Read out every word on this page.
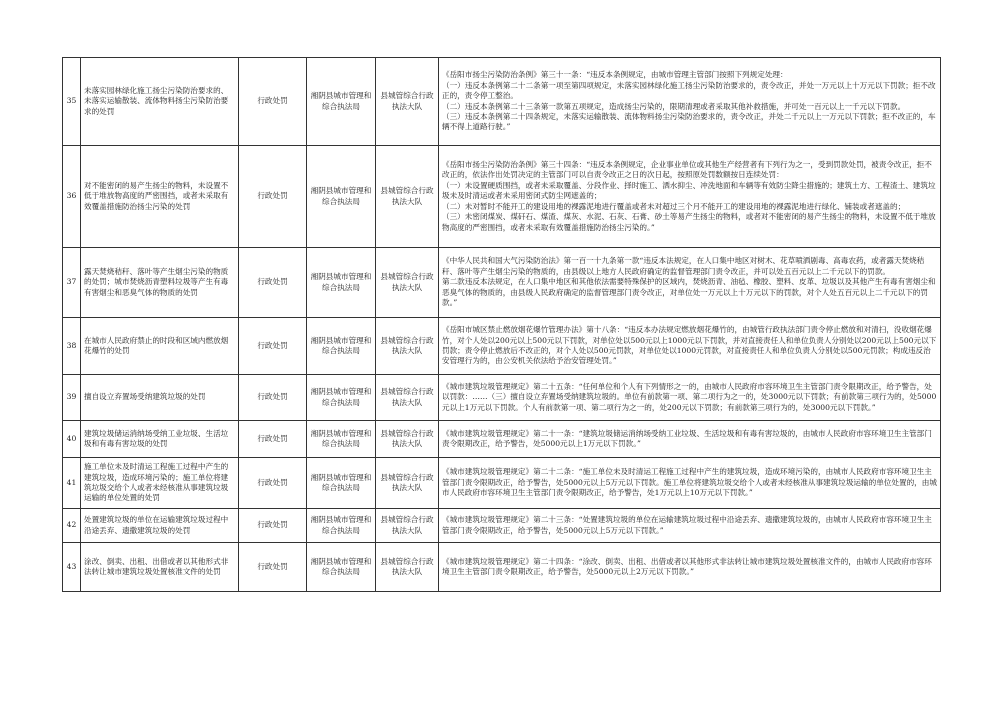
35	未落实园林绿化施工扬尘污染防治要求的、未落实运输散装、流体物料扬尘污染防治要求的处罚	行政处罚	湘阴县城市管理和综合执法局	县城管综合行政执法大队	《岳阳市扬尘污染防治条例》第三十一条：“违反本条例规定，由城市管理主管部门按照下列规定处理：
（一）违反本条例第二十二条第一项至第四项规定，未落实园林绿化施工扬尘污染防治要求的，责令改正，并处一万元以上十万元以下罚款；拒不改正的，责令停工整治。
（二）违反本条例第二十三条第一款第五项规定，造成扬尘污染的，限期清理或者采取其他补救措施，并可处一百元以上一千元以下罚款。
（三）违反本条例第二十四条规定，未落实运输散装、流体物料扬尘污染防治要求的，责令改正，并处二千元以上一万元以下罚款；拒不改正的，车辆不得上道路行驶。”

36	对不能密闭的易产生扬尘的物料，未设置不低于堆放物高度的严密围挡，或者未采取有效覆盖措施防治扬尘污染的处罚	行政处罚	湘阴县城市管理和综合执法局	县城管综合行政执法大队	《岳阳市扬尘污染防治条例》第三十四条：“违反本条例规定，企业事业单位或其他生产经营者有下列行为之一，受到罚款处罚，被责令改正，拒不改正的，依法作出处罚决定的主管部门可以自责令改正之日的次日起，按照原处罚数额按日连续处罚：
（一）未设置硬质围挡，或者未采取覆盖、分段作业、择时施工、洒水抑尘、冲洗地面和车辆等有效防尘降尘措施的；建筑土方、工程渣土、建筑垃圾未及时清运或者未采用密闭式防尘网遮盖的；
（二）未对暂时不能开工的建设用地的裸露泥地进行覆盖或者未对超过三个月不能开工的建设用地的裸露泥地进行绿化、铺装或者遮盖的；
（三）未密闭煤炭、煤矸石、煤渣、煤灰、水泥、石灰、石膏、砂土等易产生扬尘的物料，或者对不能密闭的易产生扬尘的物料，未设置不低于堆放物高度的严密围挡，或者未采取有效覆盖措施防治扬尘污染的。”

37	露天焚烧秸秆、落叶等产生烟尘污染的物质的处罚；城市焚烧沥青塑料垃圾等产生有毒有害烟尘和恶臭气体的物质的处罚	行政处罚	湘阴县城市管理和综合执法局	县城管综合行政执法大队	《中华人民共和国大气污染防治法》第一百一十九条第一款“违反本法规定，在人口集中地区对树木、花草喷洒剧毒、高毒农药，或者露天焚烧秸秆、落叶等产生烟尘污染的物质的，由县级以上地方人民政府确定的监督管理部门责令改正，并可以处五百元以上二千元以下的罚款。
第二款违反本法规定，在人口集中地区和其他依法需要特殊保护的区域内，焚烧沥青、油毡、橡胶、塑料、皮革、垃圾以及其他产生有毒有害烟尘和恶臭气体的物质的，由县级人民政府确定的监督管理部门责令改正，对单位处一万元以上十万元以下的罚款，对个人处五百元以上二千元以下的罚款。”

38	在城市人民政府禁止的时段和区域内燃放烟花爆竹的处罚	行政处罚	湘阴县城市管理和综合执法局	县城管综合行政执法大队	《岳阳市城区禁止燃放烟花爆竹管理办法》第十八条：“违反本办法规定燃放烟花爆竹的，由城管行政执法部门责令停止燃放和对清扫，没收烟花爆竹，对个人处以200元以上500元以下罚款，对单位处以500元以上1000元以下罚款，并对直接责任人和单位负责人分别处以200元以上500元以下罚款；责令停止燃放后不改正的，对个人处以500元罚款，对单位处以1000元罚款，对直接责任人和单位负责人分别处以500元罚款；构成违反治安管理行为的，由公安机关依法给予治安管理处罚。”

39	擅自设立弃置场受纳建筑垃圾的处罚	行政处罚	湘阴县城市管理和综合执法局	县城管综合行政执法大队	《城市建筑垃圾管理规定》第二十五条：“任何单位和个人有下列情形之一的，由城市人民政府市容环境卫生主管部门责令限期改正，给予警告，处以罚款：……（三）擅自设立弃置场受纳建筑垃圾的。单位有前款第一项、第二项行为之一的，处3000元以下罚款；有前款第三项行为的，处5000元以上1万元以下罚款。个人有前款第一项、第二项行为之一的，处200元以下罚款；有前款第三项行为的，处3000元以下罚款。”

40	建筑垃圾储运消纳场受纳工业垃圾、生活垃圾和有毒有害垃圾的处罚	行政处罚	湘阴县城市管理和综合执法局	县城管综合行政执法大队	《城市建筑垃圾管理规定》第二十一条：“建筑垃圾储运消纳场受纳工业垃圾、生活垃圾和有毒有害垃圾的，由城市人民政府市容环境卫生主管部门责令限期改正，给予警告，处5000元以上1万元以下罚款。”

41	施工单位未及时清运工程施工过程中产生的建筑垃圾，造成环境污染的；施工单位将建筑垃圾交给个人或者未经核准从事建筑垃圾运输的单位处置的处罚	行政处罚	湘阴县城市管理和综合执法局	县城管综合行政执法大队	《城市建筑垃圾管理规定》第二十二条：“施工单位未及时清运工程施工过程中产生的建筑垃圾，造成环境污染的，由城市人民政府市容环境卫生主管部门责令限期改正，给予警告，处5000元以上5万元以下罚款。施工单位将建筑垃圾交给个人或者未经核准从事建筑垃圾运输的单位处置的，由城市人民政府市容环境卫生主管部门责令限期改正，给予警告，处1万元以上10万元以下罚款。”

42	处置建筑垃圾的单位在运输建筑垃圾过程中沿途丢弃、遗撒建筑垃圾的处罚	行政处罚	湘阴县城市管理和综合执法局	县城管综合行政执法大队	《城市建筑垃圾管理规定》第二十三条：“处置建筑垃圾的单位在运输建筑垃圾过程中沿途丢弃、遗撒建筑垃圾的，由城市人民政府市容环境卫生主管部门责令限期改正，给予警告，处5000元以上5万元以下罚款。”

43	涂改、倒卖、出租、出借或者以其他形式非法转让城市建筑垃圾处置核准文件的处罚	行政处罚	湘阴县城市管理和综合执法局	县城管综合行政执法大队	《城市建筑垃圾管理规定》第二十四条：“涂改、倒卖、出租、出借或者以其他形式非法转让城市建筑垃圾处置核准文件的，由城市人民政府市容环境卫生主管部门责令限期改正，给予警告，处5000元以上2万元以下罚款。”
